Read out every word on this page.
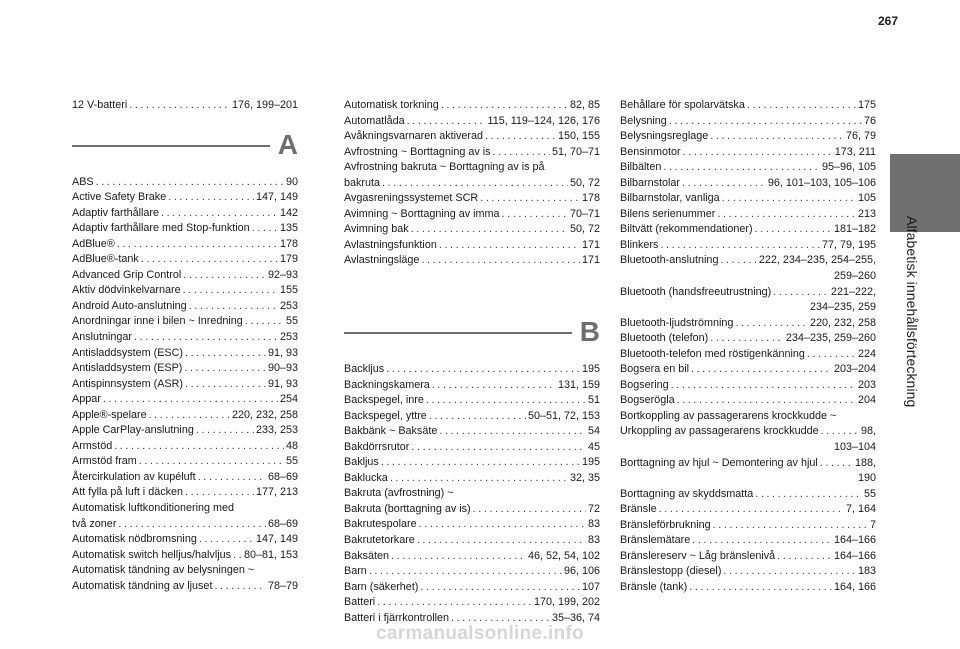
267
Alfabetisk innehållsförteckning
12 V-batteri . . .	176, 199–201
A
ABS . . .	90
Active Safety Brake . . .	147, 149
Adaptiv farthållare . . .	142
Adaptiv farthållare med Stop-funktion . . .	135
AdBlue® . . .	178
AdBlue®-tank . . .	179
Advanced Grip Control . . .	92–93
Aktiv dödvinkelvarnare . . .	155
Android Auto-anslutning . . .	253
Anordningar inne i bilen ~ Inredning . . .	55
Anslutningar . . .	253
Antisladdsystem (ESC) . . .	91, 93
Antisladdsystem (ESP) . . .	90–93
Antispinnsystem (ASR) . . .	91, 93
Appar . . .	254
Apple®-spelare . . .	220, 232, 258
Apple CarPlay-anslutning . . .	233, 253
Armstöd . . .	48
Armstöd fram . . .	55
Återcirkulation av kupéluft . . .	68–69
Att fylla på luft i däcken . . .	177, 213
Automatisk luftkonditionering med
två zoner . . .	68–69
Automatisk nödbromsning . . .	147, 149
Automatisk switch helljus/halvljus . . . 80–81, 153
Automatisk tändning av belysningen ~
Automatisk tändning av ljuset . . .	78–79
Automatisk torkning . . .	82, 85
Automatlåda . . .	115, 119–124, 126, 176
Avåkningsvarnaren aktiverad . . .	150, 155
Avfrostning ~ Borttagning av is . . .	51, 70–71
Avfrostning bakruta ~ Borttagning av is på
bakruta . . .	50, 72
Avgasreningssystemet SCR . . .	178
Avimning ~ Borttagning av imma . . .	70–71
Avimning bak . . .	50, 72
Avlastningsfunktion . . .	171
Avlastningsläge . . .	171
B
Backljus . . .	195
Backningskamera . . .	131, 159
Backspegel, inre . . .	51
Backspegel, yttre . . .	50–51, 72, 153
Bakbänk ~ Baksäte . . .	54
Bakdörrsrutor . . .	45
Bakljus . . .	195
Baklucka . . .	32, 35
Bakruta (avfrostning) ~
Bakruta (borttagning av is) . . .	72
Bakrutespolare . . .	83
Bakrutetorkare . . .	83
Baksäten . . .	46, 52, 54, 102
Barn . . .	96, 106
Barn (säkerhet) . . .	107
Batteri . . .	170, 199, 202
Batteri i fjärrkontrollen . . .	35–36, 74
Behållare för spolarvätska . . .	175
Belysning . . .	76
Belysningsreglage . . .	76, 79
Bensinmotor . . .	173, 211
Bilbälten . . .	95–96, 105
Bilbarnstolar . . .	96, 101–103, 105–106
Bilbarnstolar, vanliga . . .	105
Bilens serienummer . . .	213
Biltvätt (rekommendationer) . . .	181–182
Blinkers . . .	77, 79, 195
Bluetooth-anslutning . . .	222, 234–235, 254–255,
259–260
Bluetooth (handsfreeutrustning) . . .	221–222,
234–235, 259
Bluetooth-ljudströmning . . .	220, 232, 258
Bluetooth (telefon) . . .	234–235, 259–260
Bluetooth-telefon med röstigenkänning . . .	224
Bogsera en bil . . .	203–204
Bogsering . . .	203
Bogserögla . . .	204
Bortkoppling av passagerarens krockkudde ~
Urkoppling av passagerarens krockkudde . . .	98,
103–104
Borttagning av hjul ~ Demontering av hjul . . .	188,
190
Borttagning av skyddsmatta . . .	55
Bränsle . . .	7, 164
Bränsleförbrukning . . .	7
Bränslemätare . . .	164–166
Bränslereserv ~ Låg bränslenivå . . .	164–166
Bränslestopp (diesel) . . .	183
Bränsle (tank) . . .	164, 166
carmanualsonline.info
